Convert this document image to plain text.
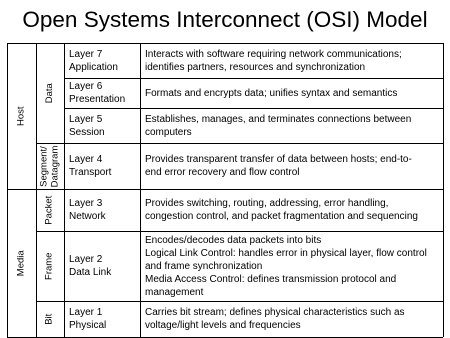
Open Systems Interconnect (OSI) Model
Host
Media
Data
Segment/ Datagram
Packet
Frame
Bit
Layer 7
Application
Interacts with software requiring network communications;
identifies partners, resources and synchronization
Layer 6
Presentation
Formats and encrypts data; unifies syntax and semantics
Layer 5
Session
Establishes, manages, and terminates connections between
computers
Layer 4
Transport
Provides transparent transfer of data between hosts; end-to-
end error recovery and flow control
Layer 3
Network
Provides switching, routing, addressing, error handling,
congestion control, and packet fragmentation and sequencing
Layer 2
Data Link
Encodes/decodes data packets into bits
Logical Link Control: handles error in physical layer, flow control
and frame synchronization
Media Access Control: defines transmission protocol and
management
Layer 1
Physical
Carries bit stream; defines physical characteristics such as
voltage/light levels and frequencies
